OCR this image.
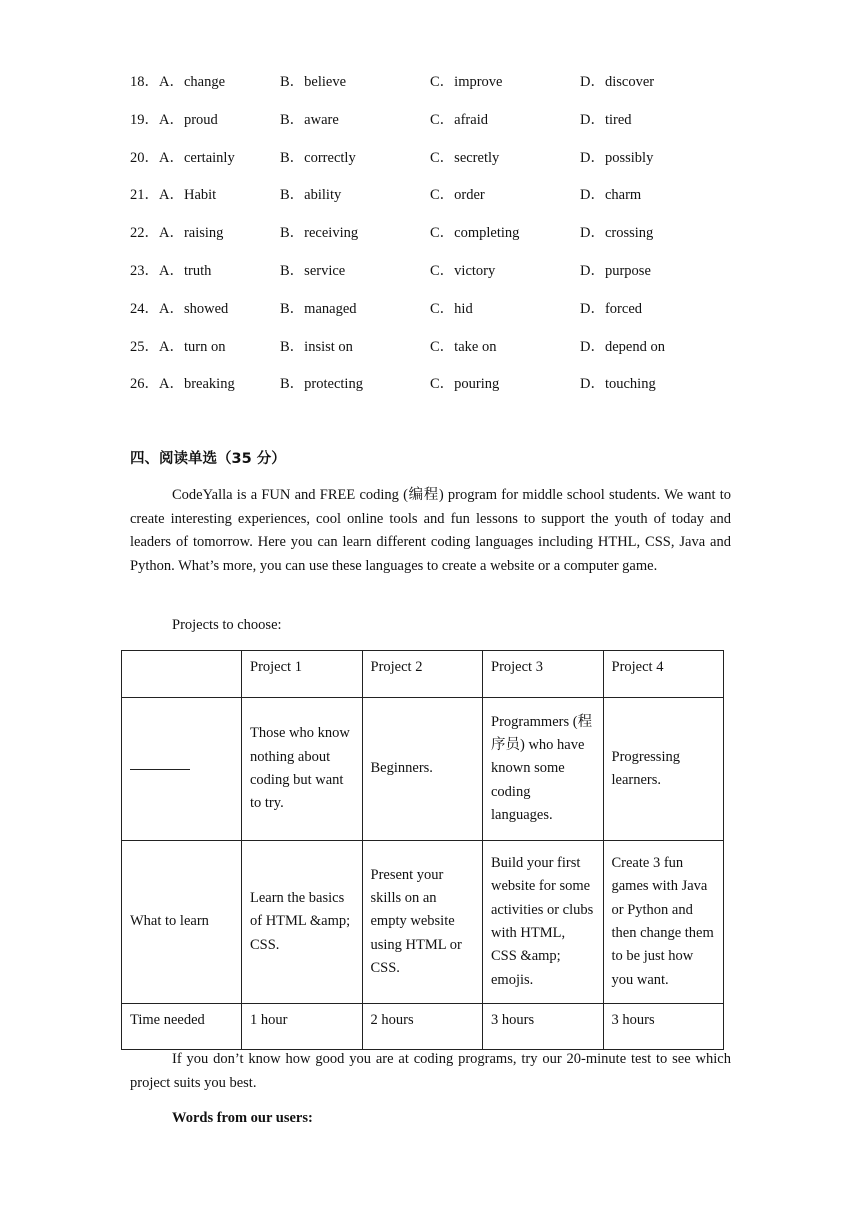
18．A．change	B．believe	C．improve	D．discover
19．A．proud	B．aware	C．afraid	D．tired
20．A．certainly	B．correctly	C．secretly	D．possibly
21．A．Habit	B．ability	C．order	D．charm
22．A．raising	B．receiving	C．completing	D．crossing
23．A．truth	B．service	C．victory	D．purpose
24．A．showed	B．managed	C．hid	D．forced
25．A．turn on	B．insist on	C．take on	D．depend on
26．A．breaking	B．protecting	C．pouring	D．touching
四、阅读单选（35 分）

CodeYalla is a FUN and FREE coding (编程) program for middle school students. We want to create interesting experiences, cool online tools and fun lessons to support the youth of today and leaders of tomorrow. Here you can learn different coding languages including HTHL, CSS, Java and Python. What’s more, you can use these languages to create a website or a computer game.

Projects to choose:

	Project 1	Project 2	Project 3	Project 4
	Those who know nothing about coding but want to try.	Beginners.	Programmers (程序员) who have known some coding languages.	Progressing learners.
What to learn	Learn the basics of HTML &amp; CSS.	Present your skills on an empty website using HTML or CSS.	Build your first website for some activities or clubs with HTML, CSS &amp; emojis.	Create 3 fun games with Java or Python and then change them to be just how you want.
Time needed	1 hour	2 hours	3 hours	3 hours

If you don’t know how good you are at coding programs, try our 20-minute test to see which project suits you best.

Words from our users:
